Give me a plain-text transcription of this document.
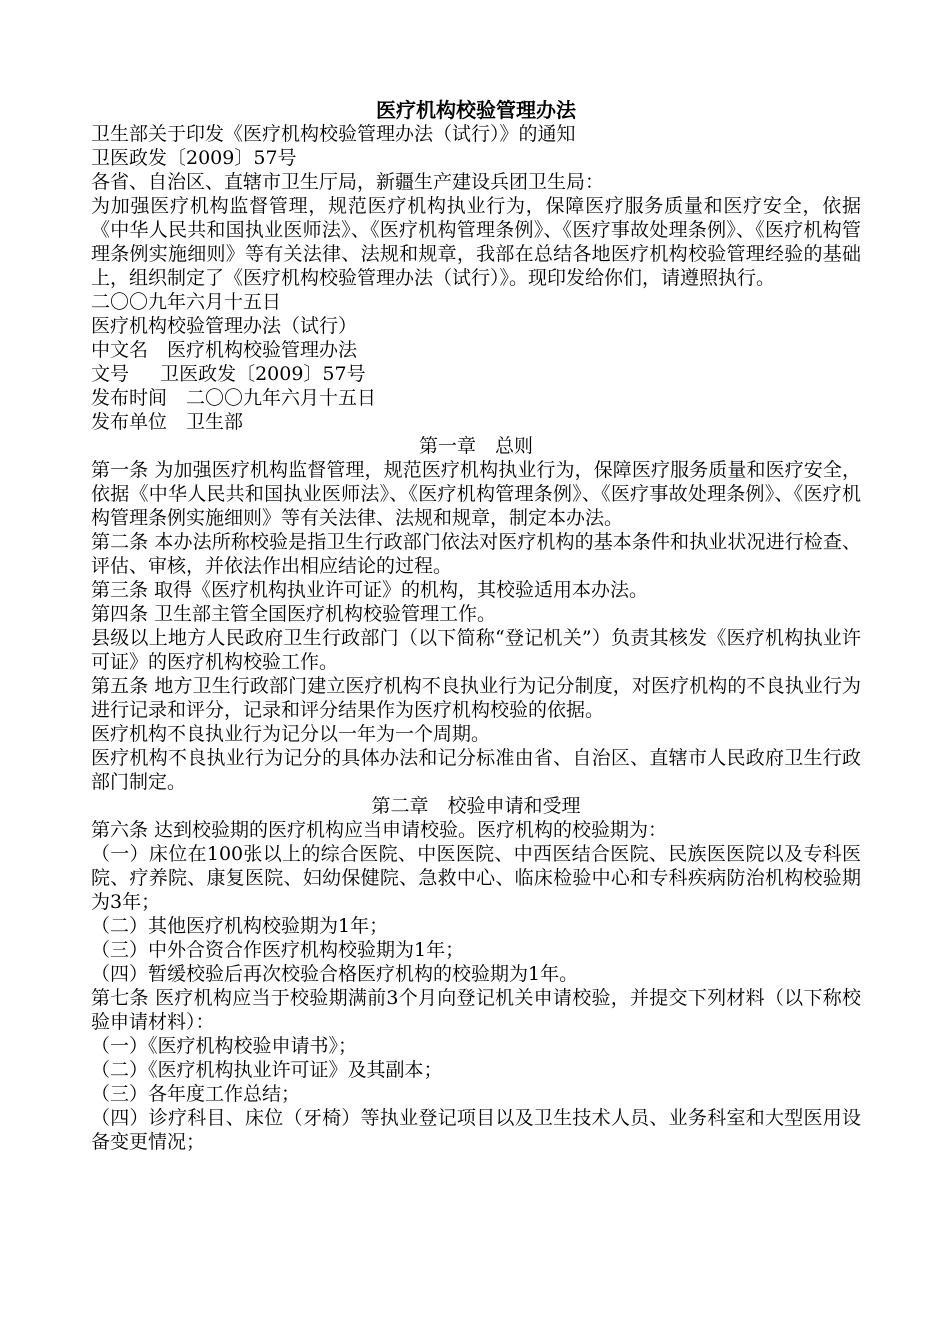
医疗机构校验管理办法

卫生部关于印发《医疗机构校验管理办法（试行）》的通知

卫医政发〔2009〕57号

各省、自治区、直辖市卫生厅局，新疆生产建设兵团卫生局：

为加强医疗机构监督管理，规范医疗机构执业行为，保障医疗服务质量和医疗安全，依据《中华人民共和国执业医师法》、《医疗机构管理条例》、《医疗事故处理条例》、《医疗机构管理条例实施细则》等有关法律、法规和规章，我部在总结各地医疗机构校验管理经验的基础上，组织制定了《医疗机构校验管理办法（试行）》。现印发给你们，请遵照执行。

二〇〇九年六月十五日

医疗机构校验管理办法（试行）

中文名　医疗机构校验管理办法

文号　  卫医政发〔2009〕57号

发布时间　二〇〇九年六月十五日

发布单位　卫生部

第一章　总则

第一条 为加强医疗机构监督管理，规范医疗机构执业行为，保障医疗服务质量和医疗安全，依据《中华人民共和国执业医师法》、《医疗机构管理条例》、《医疗事故处理条例》、《医疗机构管理条例实施细则》等有关法律、法规和规章，制定本办法。

第二条 本办法所称校验是指卫生行政部门依法对医疗机构的基本条件和执业状况进行检查、评估、审核，并依法作出相应结论的过程。

第三条 取得《医疗机构执业许可证》的机构，其校验适用本办法。

第四条 卫生部主管全国医疗机构校验管理工作。

县级以上地方人民政府卫生行政部门（以下简称“登记机关”）负责其核发《医疗机构执业许可证》的医疗机构校验工作。

第五条 地方卫生行政部门建立医疗机构不良执业行为记分制度，对医疗机构的不良执业行为进行记录和评分，记录和评分结果作为医疗机构校验的依据。

医疗机构不良执业行为记分以一年为一个周期。

医疗机构不良执业行为记分的具体办法和记分标准由省、自治区、直辖市人民政府卫生行政部门制定。

第二章　校验申请和受理

第六条 达到校验期的医疗机构应当申请校验。医疗机构的校验期为：

（一）床位在100张以上的综合医院、中医医院、中西医结合医院、民族医医院以及专科医院、疗养院、康复医院、妇幼保健院、急救中心、临床检验中心和专科疾病防治机构校验期为3年；

（二）其他医疗机构校验期为1年；

（三）中外合资合作医疗机构校验期为1年；

（四）暂缓校验后再次校验合格医疗机构的校验期为1年。

第七条 医疗机构应当于校验期满前3个月向登记机关申请校验，并提交下列材料（以下称校验申请材料）：

（一）《医疗机构校验申请书》；

（二）《医疗机构执业许可证》及其副本；

（三）各年度工作总结；

（四）诊疗科目、床位（牙椅）等执业登记项目以及卫生技术人员、业务科室和大型医用设备变更情况；
